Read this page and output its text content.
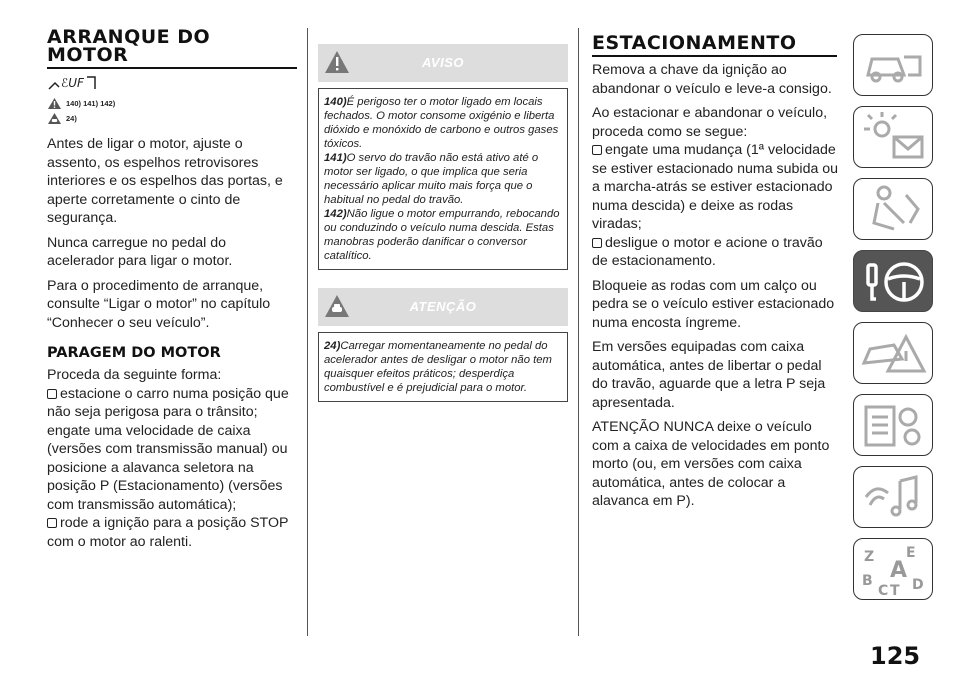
ARRANQUE DO
MOTOR
ℰUF
140) 141) 142)
24)

Antes de ligar o motor, ajuste o assento, os espelhos retrovisores interiores e os espelhos das portas, e aperte corretamente o cinto de segurança.

Nunca carregue no pedal do acelerador para ligar o motor.

Para o procedimento de arranque, consulte “Ligar o motor” no capítulo “Conhecer o seu veículo”.

PARAGEM DO MOTOR

Proceda da seguinte forma:

estacione o carro numa posição que não seja perigosa para o trânsito; engate uma velocidade de caixa (versões com transmissão manual) ou posicione a alavanca seletora na posição P (Estacionamento) (versões com transmissão automática);

rode a ignição para a posição STOP com o motor ao ralenti.

AVISO

140)É perigoso ter o motor ligado em locais fechados. O motor consome oxigénio e liberta dióxido e monóxido de carbono e outros gases tóxicos.

141)O servo do travão não está ativo até o motor ser ligado, o que implica que seria necessário aplicar muito mais força que o habitual no pedal do travão.

142)Não ligue o motor empurrando, rebocando ou conduzindo o veículo numa descida. Estas manobras poderão danificar o conversor catalítico.

ATENÇÃO

24)Carregar momentaneamente no pedal do acelerador antes de desligar o motor não tem quaisquer efeitos práticos; desperdiça combustível e é prejudicial para o motor.

ESTACIONAMENTO

Remova a chave da ignição ao abandonar o veículo e leve-a consigo.

Ao estacionar e abandonar o veículo, proceda como se segue:

engate uma mudança (1ª velocidade se estiver estacionado numa subida ou a marcha-atrás se estiver estacionado numa descida) e deixe as rodas viradas;

desligue o motor e acione o travão de estacionamento.

Bloqueie as rodas com um calço ou pedra se o veículo estiver estacionado numa encosta íngreme.

Em versões equipadas com caixa automática, antes de libertar o pedal do travão, aguarde que a letra P seja apresentada.

ATENÇÃO NUNCA deixe o veículo com a caixa de velocidades em ponto morto (ou, em versões com caixa automática, antes de colocar a alavanca em P).

Z E
B A
C T D
125
